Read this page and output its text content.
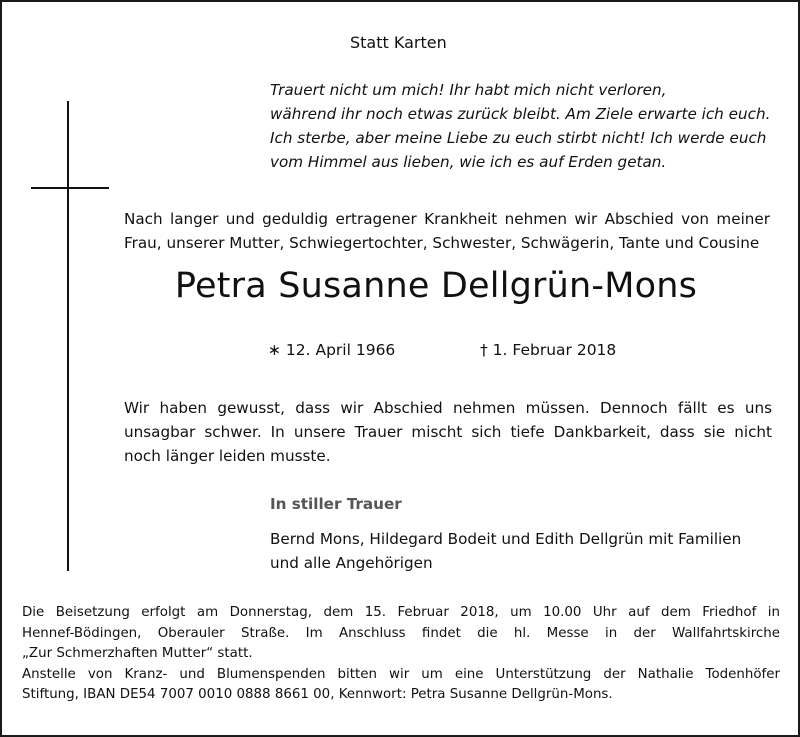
Statt Karten
Trauert nicht um mich! Ihr habt mich nicht verloren,
während ihr noch etwas zurück bleibt. Am Ziele erwarte ich euch.
Ich sterbe, aber meine Liebe zu euch stirbt nicht! Ich werde euch
vom Himmel aus lieben, wie ich es auf Erden getan.
Nach langer und geduldig ertragener Krankheit nehmen wir Abschied von meiner
Frau, unserer Mutter, Schwiegertochter, Schwester, Schwägerin, Tante und Cousine
Petra Susanne Dellgrün-Mons
∗ 12. April 1966	† 1. Februar 2018
Wir haben gewusst, dass wir Abschied nehmen müssen. Dennoch fällt es uns
unsagbar schwer. In unsere Trauer mischt sich tiefe Dankbarkeit, dass sie nicht
noch länger leiden musste.
In stiller Trauer
Bernd Mons, Hildegard Bodeit und Edith Dellgrün mit Familien
und alle Angehörigen
Die Beisetzung erfolgt am Donnerstag, dem 15. Februar 2018, um 10.00 Uhr auf dem Friedhof in
Hennef-Bödingen, Oberauler Straße. Im Anschluss findet die hl. Messe in der Wallfahrtskirche
„Zur Schmerzhaften Mutter“ statt.
Anstelle von Kranz- und Blumenspenden bitten wir um eine Unterstützung der Nathalie Todenhöfer
Stiftung, IBAN DE54 7007 0010 0888 8661 00, Kennwort: Petra Susanne Dellgrün-Mons.
